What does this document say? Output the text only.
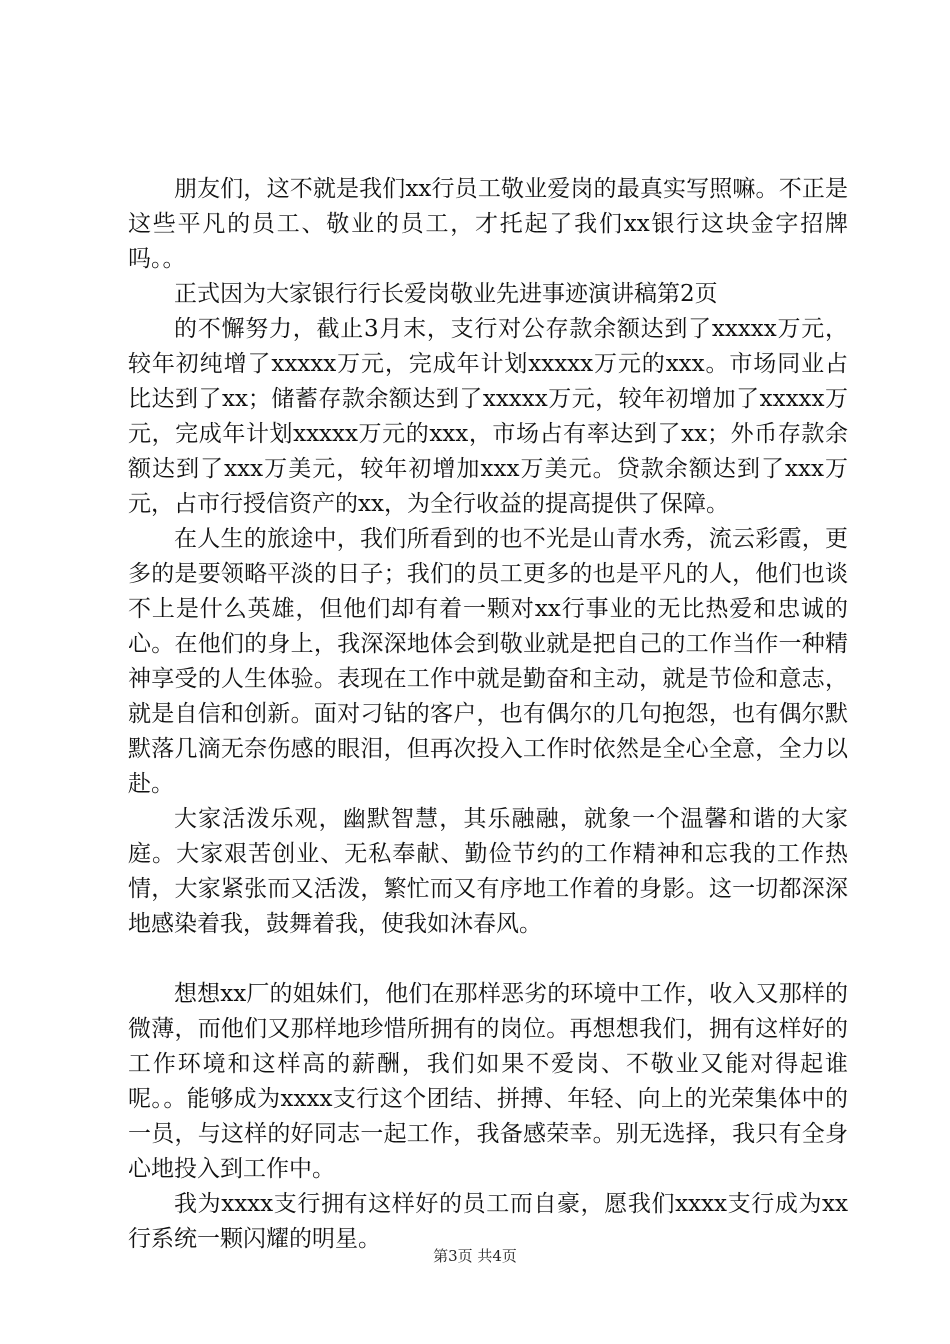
朋友们，这不就是我们xx行员工敬业爱岗的最真实写照嘛。不正是这些平凡的员工、敬业的员工，才托起了我们xx银行这块金字招牌吗。。

正式因为大家银行行长爱岗敬业先进事迹演讲稿第2页

的不懈努力，截止3月末，支行对公存款余额达到了xxxxx万元，较年初纯增了xxxxx万元，完成年计划xxxxx万元的xxx。市场同业占比达到了xx；储蓄存款余额达到了xxxxx万元，较年初增加了xxxxx万元，完成年计划xxxxx万元的xxx，市场占有率达到了xx；外币存款余额达到了xxx万美元，较年初增加xxx万美元。贷款余额达到了xxx万元，占市行授信资产的xx，为全行收益的提高提供了保障。

在人生的旅途中，我们所看到的也不光是山青水秀，流云彩霞，更多的是要领略平淡的日子；我们的员工更多的也是平凡的人，他们也谈不上是什么英雄，但他们却有着一颗对xx行事业的无比热爱和忠诚的心。在他们的身上，我深深地体会到敬业就是把自己的工作当作一种精神享受的人生体验。表现在工作中就是勤奋和主动，就是节俭和意志，就是自信和创新。面对刁钻的客户，也有偶尔的几句抱怨，也有偶尔默默落几滴无奈伤感的眼泪，但再次投入工作时依然是全心全意，全力以赴。

大家活泼乐观，幽默智慧，其乐融融，就象一个温馨和谐的大家庭。大家艰苦创业、无私奉献、勤俭节约的工作精神和忘我的工作热情，大家紧张而又活泼，繁忙而又有序地工作着的身影。这一切都深深地感染着我，鼓舞着我，使我如沐春风。

想想xx厂的姐妹们，他们在那样恶劣的环境中工作，收入又那样的微薄，而他们又那样地珍惜所拥有的岗位。再想想我们，拥有这样好的工作环境和这样高的薪酬，我们如果不爱岗、不敬业又能对得起谁呢。。能够成为xxxx支行这个团结、拼搏、年轻、向上的光荣集体中的一员，与这样的好同志一起工作，我备感荣幸。别无选择，我只有全身心地投入到工作中。

我为xxxx支行拥有这样好的员工而自豪，愿我们xxxx支行成为xx行系统一颗闪耀的明星。

第3页 共4页
